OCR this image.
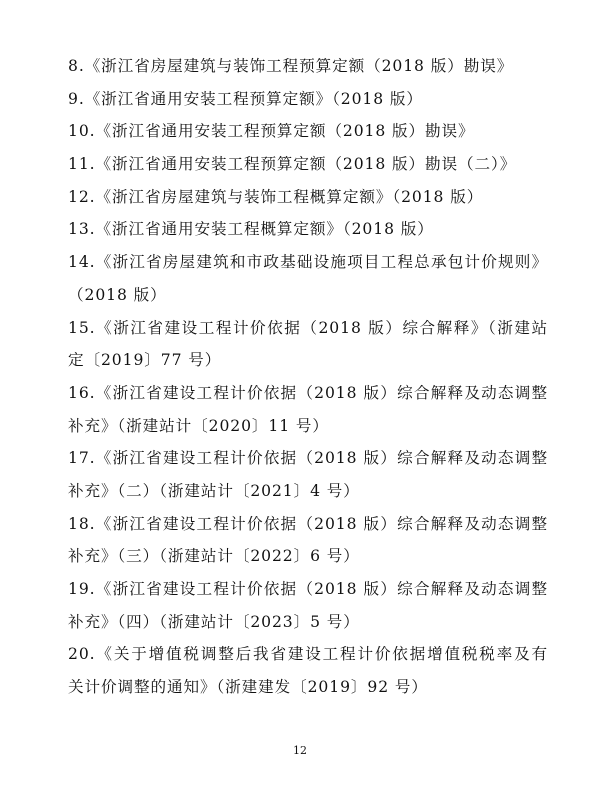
8.《浙江省房屋建筑与装饰工程预算定额（2018 版）勘误》
9.《浙江省通用安装工程预算定额》（2018 版）
10.《浙江省通用安装工程预算定额（2018 版）勘误》
11.《浙江省通用安装工程预算定额（2018 版）勘误（二）》
12.《浙江省房屋建筑与装饰工程概算定额》（2018 版）
13.《浙江省通用安装工程概算定额》（2018 版）
14.《浙江省房屋建筑和市政基础设施项目工程总承包计价规则》
（2018 版）
15.《浙江省建设工程计价依据（2018 版）综合解释》（浙建站
定〔2019〕77 号）
16.《浙江省建设工程计价依据（2018 版）综合解释及动态调整
补充》（浙建站计〔2020〕11 号）
17.《浙江省建设工程计价依据（2018 版）综合解释及动态调整
补充》（二）（浙建站计〔2021〕4 号）
18.《浙江省建设工程计价依据（2018 版）综合解释及动态调整
补充》（三）（浙建站计〔2022〕6 号）
19.《浙江省建设工程计价依据（2018 版）综合解释及动态调整
补充》（四）（浙建站计〔2023〕5 号）
20.《关于增值税调整后我省建设工程计价依据增值税税率及有
关计价调整的通知》（浙建建发〔2019〕92 号）
12
